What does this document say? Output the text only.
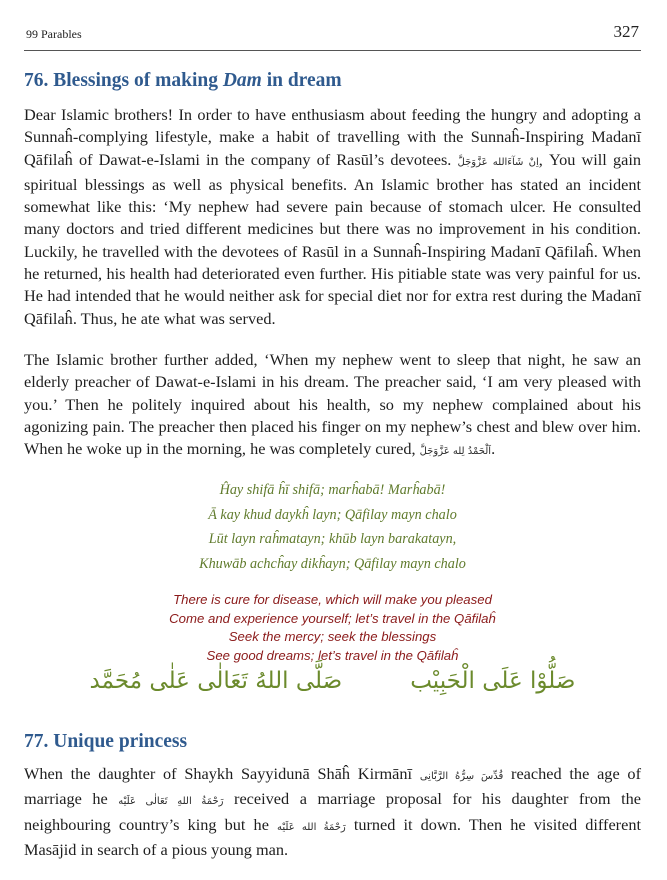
99 Parables	327
76. Blessings of making Dam in dream

Dear Islamic brothers! In order to have enthusiasm about feeding the hungry and adopting a Sunnaĥ-complying lifestyle, make a habit of travelling with the Sunnaĥ-Inspiring Madanī Qāfilaĥ of Dawat-e-Islami in the company of Rasūl’s devotees. اِنْ شَآءَالله عَزَّوَجَلَّ, You will gain spiritual blessings as well as physical benefits. An Islamic brother has stated an incident somewhat like this: ‘My nephew had severe pain because of stomach ulcer. He consulted many doctors and tried different medicines but there was no improvement in his condition. Luckily, he travelled with the devotees of Rasūl in a Sunnaĥ-Inspiring Madanī Qāfilaĥ. When he returned, his health had deteriorated even further. His pitiable state was very painful for us. He had intended that he would neither ask for special diet nor for extra rest during the Madanī Qāfilaĥ. Thus, he ate what was served.

The Islamic brother further added, ‘When my nephew went to sleep that night, he saw an elderly preacher of Dawat-e-Islami in his dream. The preacher said, ‘I am very pleased with you.’ Then he politely inquired about his health, so my nephew complained about his agonizing pain. The preacher then placed his finger on my nephew’s chest and blew over him. When he woke up in the morning, he was completely cured, اَلْحَمْدُ لِله عَزَّوَجَلَّ.

Ĥay shifā ĥī shifā; marĥabā! Marĥabā!
Ā kay khud daykĥ layn; Qāfilay mayn chalo
Lūt layn raĥmatayn; khūb layn barakatayn,
Khuwāb achcĥay dikĥayn; Qāfilay mayn chalo
There is cure for disease, which will make you pleased
Come and experience yourself; let’s travel in the Qāfilaĥ
Seek the mercy; seek the blessings
See good dreams; let’s travel in the Qāfilaĥ
صَلُّوْا عَلَى الْحَبِيْبصَلَّى اللهُ تَعَالٰى عَلٰى مُحَمَّد
77. Unique princess

When the daughter of Shaykh Sayyidunā Shāĥ Kirmānī قُدِّسَ سِرُّهُ الرَّبَّانِى reached the age of marriage he رَحْمَةُ اللهِ تَعَالٰى عَلَيْه received a marriage proposal for his daughter from the neighbouring country’s king but he رَحْمَةُ الله عَلَيْه turned it down. Then he visited different Masājid in search of a pious young man.
